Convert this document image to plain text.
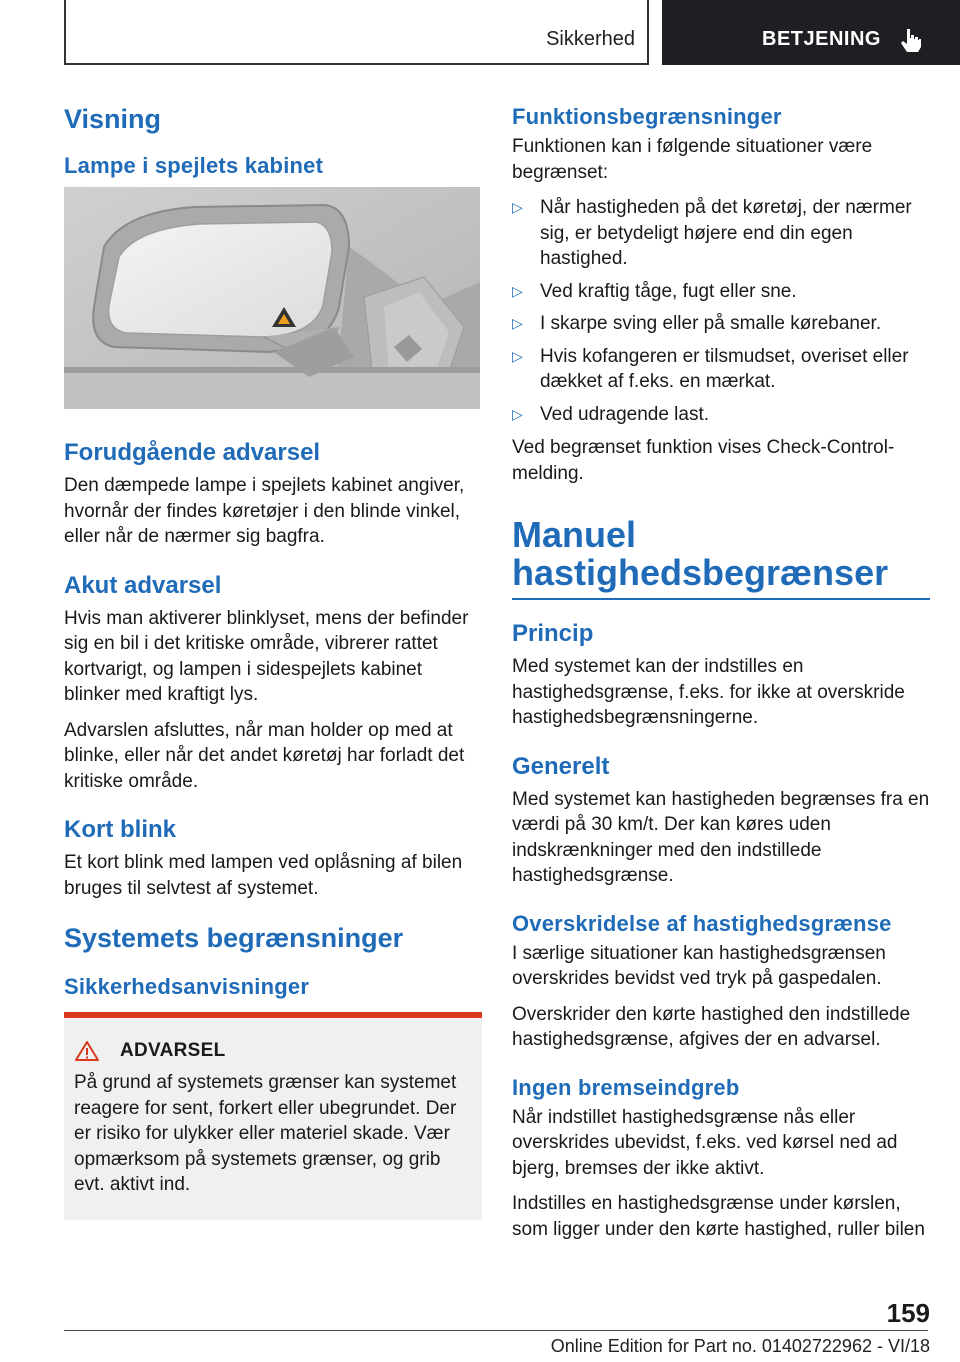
Sikkerhed	BETJENING
Visning
Lampe i spejlets kabinet
Forudgående advarsel

Den dæmpede lampe i spejlets kabinet angiver, hvornår der findes køretøjer i den blinde vinkel, eller når de nærmer sig bagfra.

Akut advarsel

Hvis man aktiverer blinklyset, mens der befinder sig en bil i det kritiske område, vibrerer rattet kortvarigt, og lampen i sidespejlets kabinet blinker med kraftigt lys.

Advarslen afsluttes, når man holder op med at blinke, eller når det andet køretøj har forladt det kritiske område.

Kort blink

Et kort blink med lampen ved oplåsning af bilen bruges til selvtest af systemet.

Systemets begrænsninger
Sikkerhedsanvisninger
ADVARSEL

På grund af systemets grænser kan systemet reagere for sent, forkert eller ubegrundet. Der er risiko for ulykker eller materiel skade. Vær opmærksom på systemets grænser, og grib evt. aktivt ind.

Funktionsbegrænsninger

Funktionen kan i følgende situationer være begrænset:

▷ Når hastigheden på det køretøj, der nærmer sig, er betydeligt højere end din egen hastighed.
▷ Ved kraftig tåge, fugt eller sne.
▷ I skarpe sving eller på smalle kørebaner.
▷ Hvis kofangeren er tilsmudset, overiset eller dækket af f.eks. en mærkat.
▷ Ved udragende last.

Ved begrænset funktion vises Check-Control-melding.

Manuel
hastighedsbegrænser
Princip

Med systemet kan der indstilles en hastighedsgrænse, f.eks. for ikke at overskride hastighedsbegrænsningerne.

Generelt

Med systemet kan hastigheden begrænses fra en værdi på 30 km/t. Der kan køres uden indskrænkninger med den indstillede hastighedsgrænse.

Overskridelse af hastighedsgrænse

I særlige situationer kan hastighedsgrænsen overskrides bevidst ved tryk på gaspedalen.

Overskrider den kørte hastighed den indstillede hastighedsgrænse, afgives der en advarsel.

Ingen bremseindgreb

Når indstillet hastighedsgrænse nås eller overskrides ubevidst, f.eks. ved kørsel ned ad bjerg, bremses der ikke aktivt.

Indstilles en hastighedsgrænse under kørslen, som ligger under den kørte hastighed, ruller bilen

159
Online Edition for Part no. 01402722962 - VI/18
